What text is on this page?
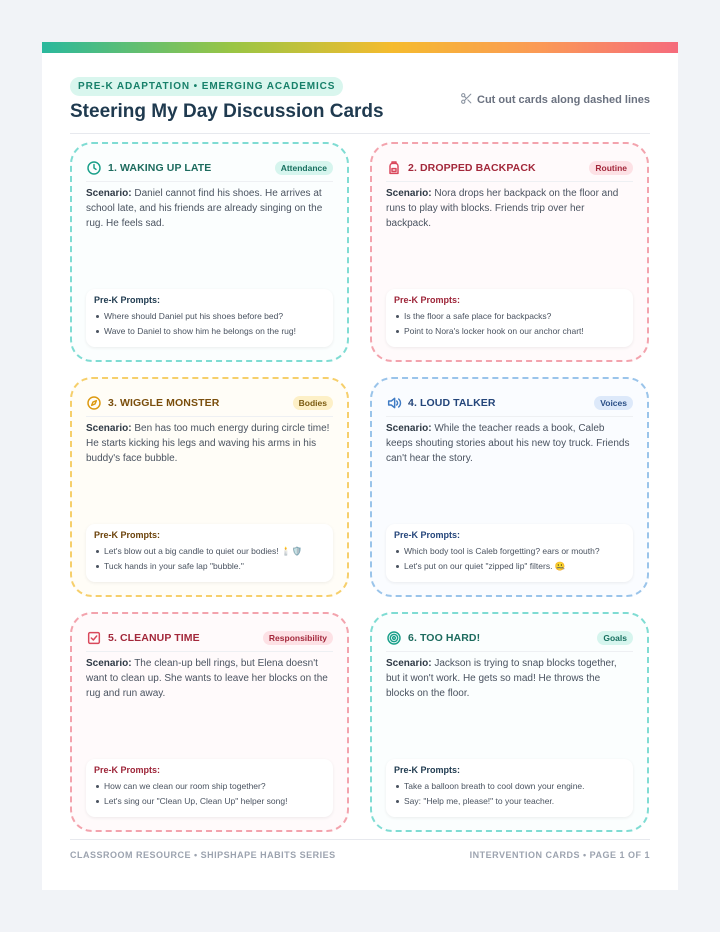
PRE-K ADAPTATION • EMERGING ACADEMICS
Steering My Day Discussion Cards
Cut out cards along dashed lines
1. WAKING UP LATE	Attendance
Scenario: Daniel cannot find his shoes. He arrives at school late, and his friends are already singing on the rug. He feels sad.
Pre-K Prompts:
Where should Daniel put his shoes before bed?
Wave to Daniel to show him he belongs on the rug!
2. DROPPED BACKPACK	Routine
Scenario: Nora drops her backpack on the floor and runs to play with blocks. Friends trip over her backpack.
Pre-K Prompts:
Is the floor a safe place for backpacks?
Point to Nora's locker hook on our anchor chart!
3. WIGGLE MONSTER	Bodies
Scenario: Ben has too much energy during circle time! He starts kicking his legs and waving his arms in his buddy's face bubble.
Pre-K Prompts:
Let's blow out a big candle to quiet our bodies! 🕯️🛡️
Tuck hands in your safe lap "bubble."
4. LOUD TALKER	Voices
Scenario: While the teacher reads a book, Caleb keeps shouting stories about his new toy truck. Friends can't hear the story.
Pre-K Prompts:
Which body tool is Caleb forgetting? ears or mouth?
Let's put on our quiet "zipped lip" filters. 🤐
5. CLEANUP TIME	Responsibility
Scenario: The clean-up bell rings, but Elena doesn't want to clean up. She wants to leave her blocks on the rug and run away.
Pre-K Prompts:
How can we clean our room ship together?
Let's sing our "Clean Up, Clean Up" helper song!
6. TOO HARD!	Goals
Scenario: Jackson is trying to snap blocks together, but it won't work. He gets so mad! He throws the blocks on the floor.
Pre-K Prompts:
Take a balloon breath to cool down your engine.
Say: "Help me, please!" to your teacher.
CLASSROOM RESOURCE • SHIPSHAPE HABITS SERIES	INTERVENTION CARDS • PAGE 1 OF 1
